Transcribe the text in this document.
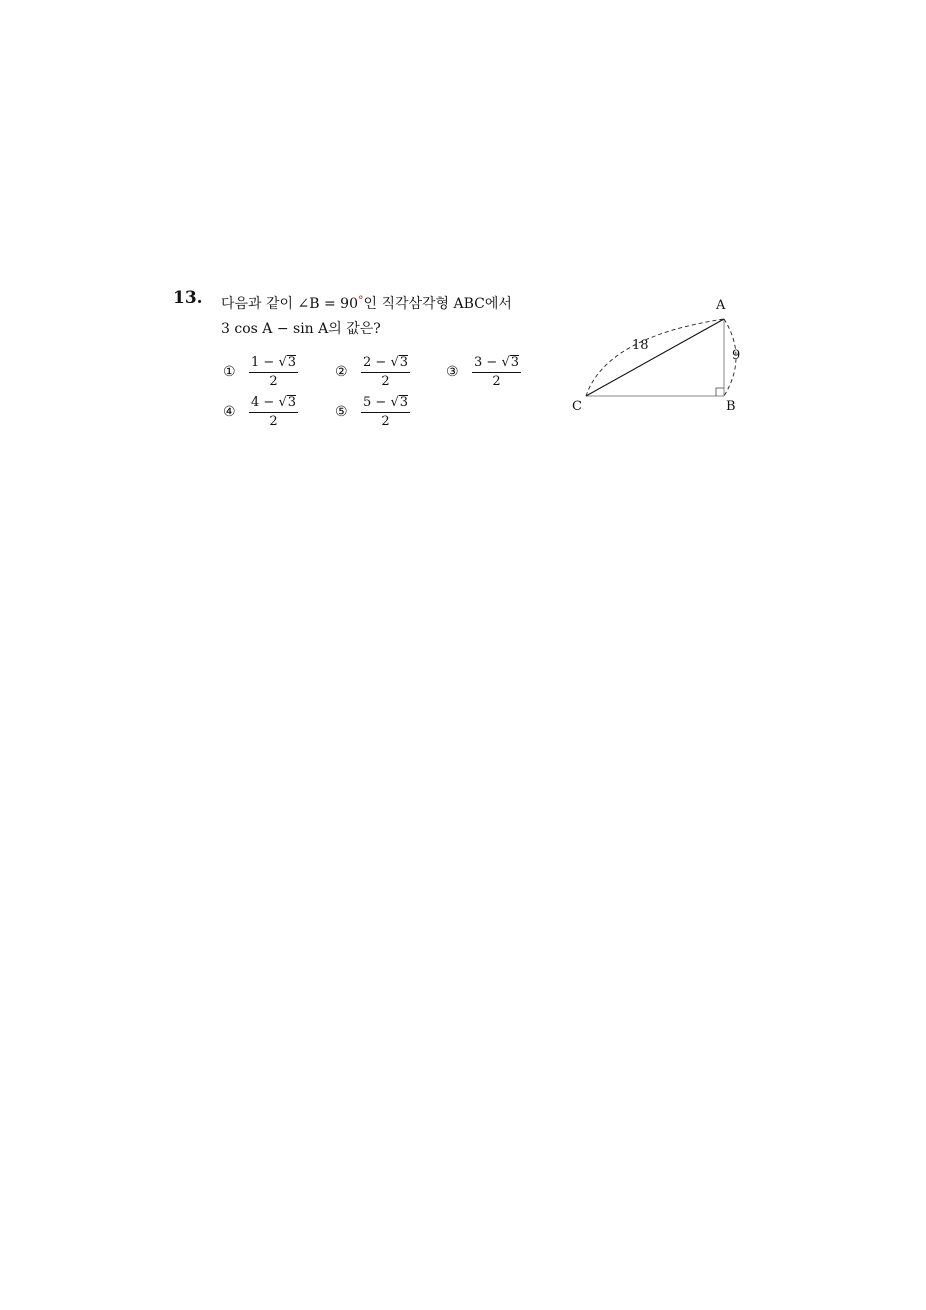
13. 다음과 같이 ∠B = 90°인 직각삼각형 ABC에서
3 cos A − sin A의 값은?
①	$\frac{1 - √3}{2}$	②	$\frac{2 - √3}{2}$	③	$\frac{3 - √3}{2}$
④	$\frac{4 - √3}{2}$	⑤	$\frac{5 - √3}{2}$
A
B
C
18
9
